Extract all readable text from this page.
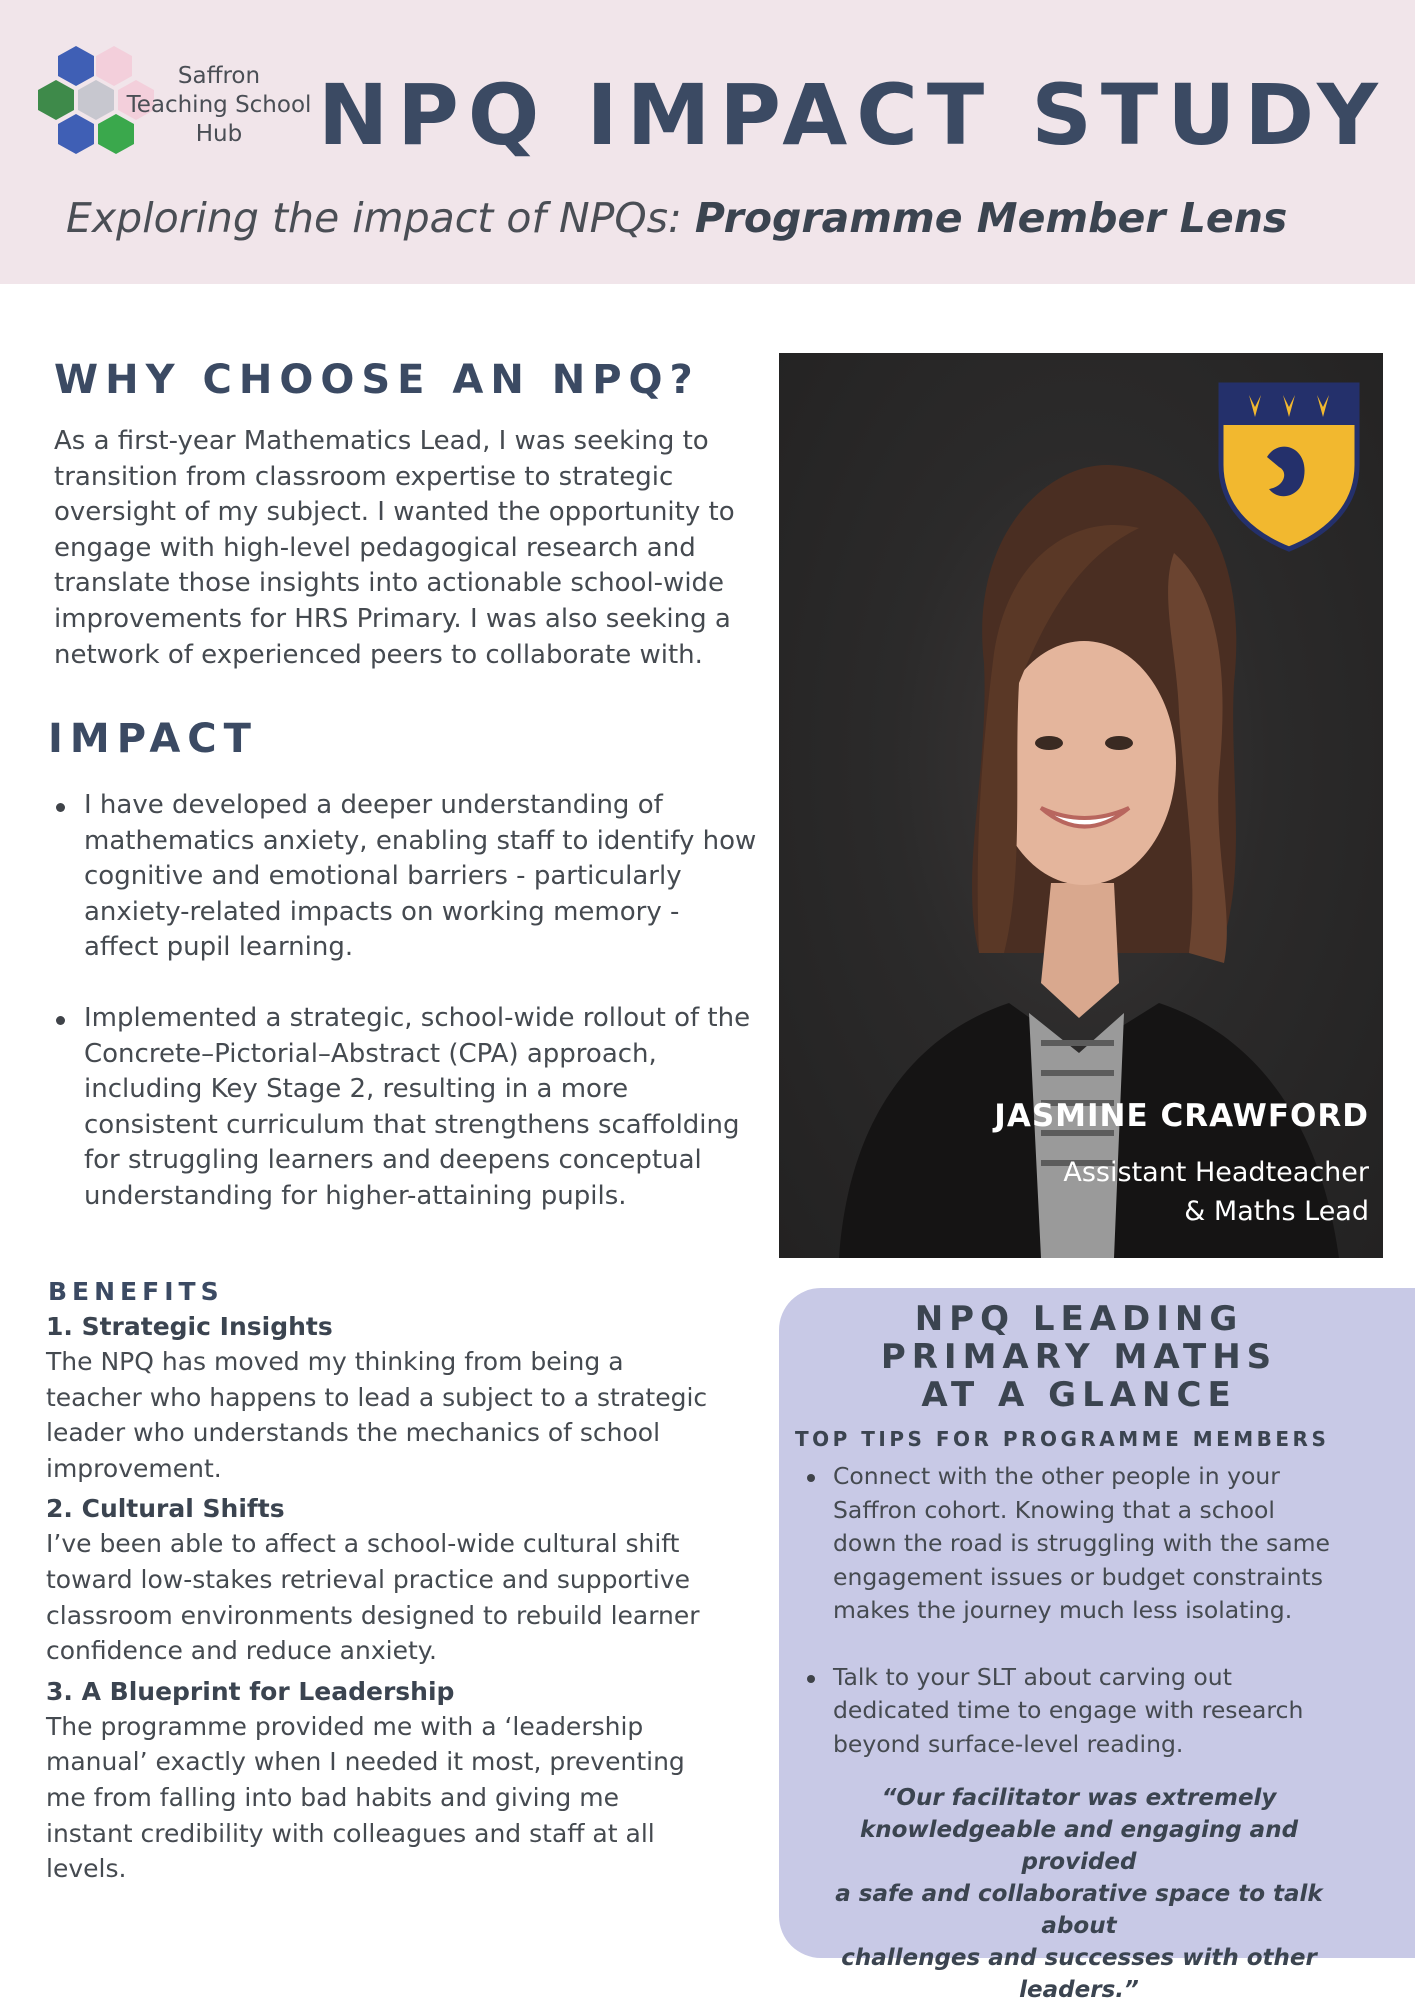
Saffron
Teaching School
Hub NPQ IMPACT STUDY
Exploring the impact of NPQs: Programme Member Lens
WHY CHOOSE AN NPQ?
As a first-year Mathematics Lead, I was seeking to
transition from classroom expertise to strategic
oversight of my subject. I wanted the opportunity to
engage with high-level pedagogical research and
translate those insights into actionable school-wide
improvements for HRS Primary. I was also seeking a
network of experienced peers to collaborate with.
IMPACT
I have developed a deeper understanding of
mathematics anxiety, enabling staff to identify how
cognitive and emotional barriers - particularly
anxiety-related impacts on working memory -
affect pupil learning.
Implemented a strategic, school-wide rollout of the
Concrete–Pictorial–Abstract (CPA) approach,
including Key Stage 2, resulting in a more
consistent curriculum that strengthens scaffolding
for struggling learners and deepens conceptual
understanding for higher-attaining pupils.
BENEFITS

1. Strategic Insights

The NPQ has moved my thinking from being a
teacher who happens to lead a subject to a strategic
leader who understands the mechanics of school
improvement.

2. Cultural Shifts

I’ve been able to affect a school-wide cultural shift
toward low-stakes retrieval practice and supportive
classroom environments designed to rebuild learner
confidence and reduce anxiety.

3. A Blueprint for Leadership

The programme provided me with a ‘leadership
manual’ exactly when I needed it most, preventing
me from falling into bad habits and giving me
instant credibility with colleagues and staff at all
levels.
JASMINE CRAWFORD
Assistant Headteacher
& Maths Lead
NPQ LEADING
PRIMARY MATHS
AT A GLANCE
TOP TIPS FOR PROGRAMME MEMBERS
Connect with the other people in your
Saffron cohort. Knowing that a school
down the road is struggling with the same
engagement issues or budget constraints
makes the journey much less isolating.
Talk to your SLT about carving out
dedicated time to engage with research
beyond surface-level reading.
“Our facilitator was extremely
knowledgeable and engaging and provided
a safe and collaborative space to talk about
challenges and successes with other
leaders.”
